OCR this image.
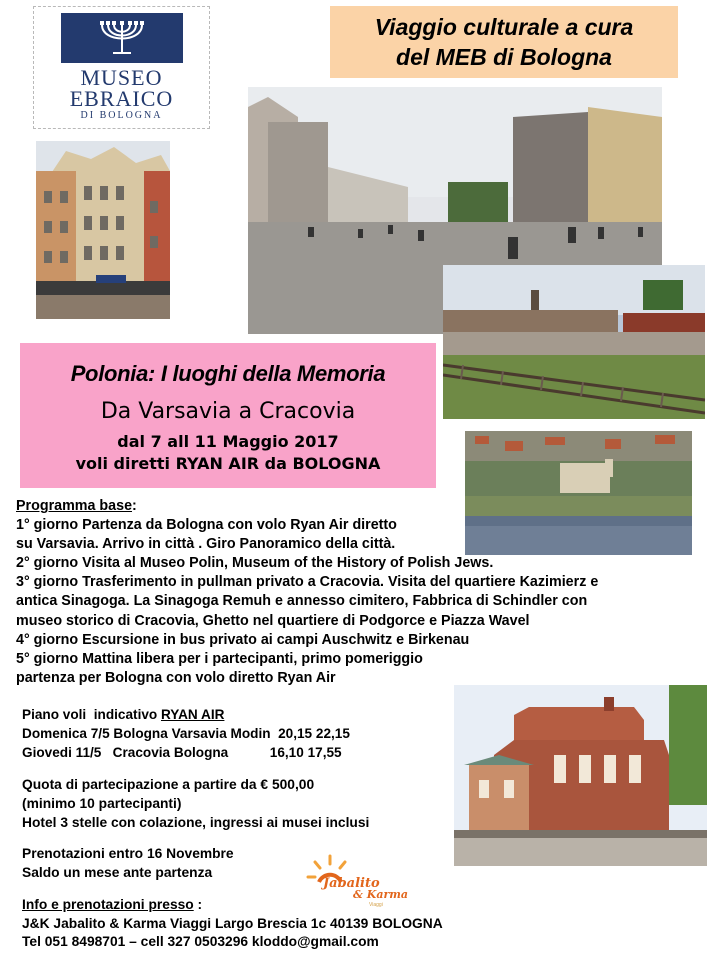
MUSEO
EBRAICO
DI BOLOGNA
Viaggio culturale a cura
del MEB di Bologna
Polonia: I luoghi della Memoria
Da Varsavia a Cracovia
dal 7 all 11 Maggio 2017
voli diretti RYAN AIR da BOLOGNA
Programma base:
1° giorno Partenza da Bologna con volo Ryan Air diretto
su Varsavia. Arrivo in città . Giro Panoramico della città.
2° giorno Visita al Museo Polin, Museum of the History of Polish Jews.
3° giorno Trasferimento in pullman privato a Cracovia. Visita del quartiere Kazimierz e
antica Sinagoga. La Sinagoga Remuh e annesso cimitero, Fabbrica di Schindler con
museo storico di Cracovia, Ghetto nel quartiere di Podgorce e Piazza Wavel
4° giorno Escursione in bus privato ai campi Auschwitz e Birkenau
5° giorno Mattina libera per i partecipanti, primo pomeriggio
partenza per Bologna con volo diretto Ryan Air
Piano voli  indicativo RYAN AIR
Domenica 7/5 Bologna Varsavia Modin  20,15 22,15
Giovedi 11/5   Cracovia Bologna           16,10 17,55
Quota di partecipazione a partire da € 500,00
(minimo 10 partecipanti)
Hotel 3 stelle con colazione, ingressi ai musei inclusi
Prenotazioni entro 16 Novembre
Saldo un mese ante partenza
Jabalito
& Karma
Viaggi
Info e prenotazioni presso :
J&K Jabalito & Karma Viaggi Largo Brescia 1c 40139 BOLOGNA
Tel 051 8498701 – cell 327 0503296 kloddo@gmail.com
